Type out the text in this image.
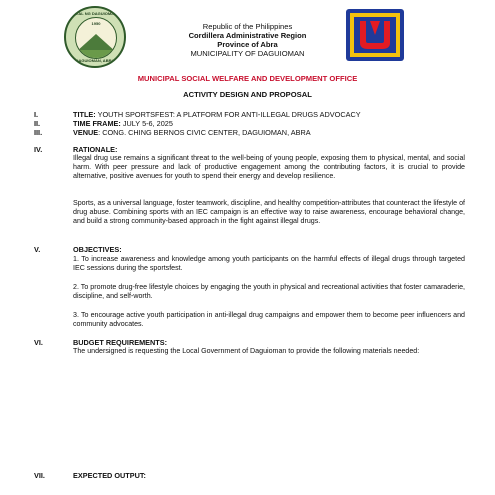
SEAL NG DAGUIOMAN
1950
DAGUIOMAN, ABRA
Republic of the Philippines
Cordillera Administrative Region
Province of Abra
MUNICIPALITY OF DAGUIOMAN
MUNICIPAL SOCIAL WELFARE AND DEVELOPMENT OFFICE
ACTIVITY DESIGN AND PROPOSAL
I.	TITLE: YOUTH SPORTSFEST: A PLATFORM FOR ANTI-ILLEGAL DRUGS ADVOCACY
II.	TIME FRAME: JULY 5-6, 2025
III.	VENUE: CONG. CHING BERNOS CIVIC CENTER, DAGUIOMAN, ABRA
IV.	RATIONALE:
Illegal drug use remains a significant threat to the well-being of young people, exposing them to physical, mental, and social harm. With peer pressure and lack of productive engagement among the contributing factors, it is crucial to provide alternative, positive avenues for youth to spend their energy and develop resilience.
Sports, as a universal language, foster teamwork, discipline, and healthy competition-attributes that counteract the lifestyle of drug abuse. Combining sports with an IEC campaign is an effective way to raise awareness, encourage behavioral change, and build a strong community-based approach in the fight against illegal drugs.
V.	OBJECTIVES:
1. To increase awareness and knowledge among youth participants on the harmful effects of illegal drugs through targeted IEC sessions during the sportsfest.
2. To promote drug-free lifestyle choices by engaging the youth in physical and recreational activities that foster camaraderie, discipline, and self-worth.
3. To encourage active youth participation in anti-illegal drug campaigns and empower them to become peer influencers and community advocates.
VI.	BUDGET REQUIREMENTS:
The undersigned is requesting the Local Government of Daguioman to provide the following materials needed:
VII.	EXPECTED OUTPUT:
